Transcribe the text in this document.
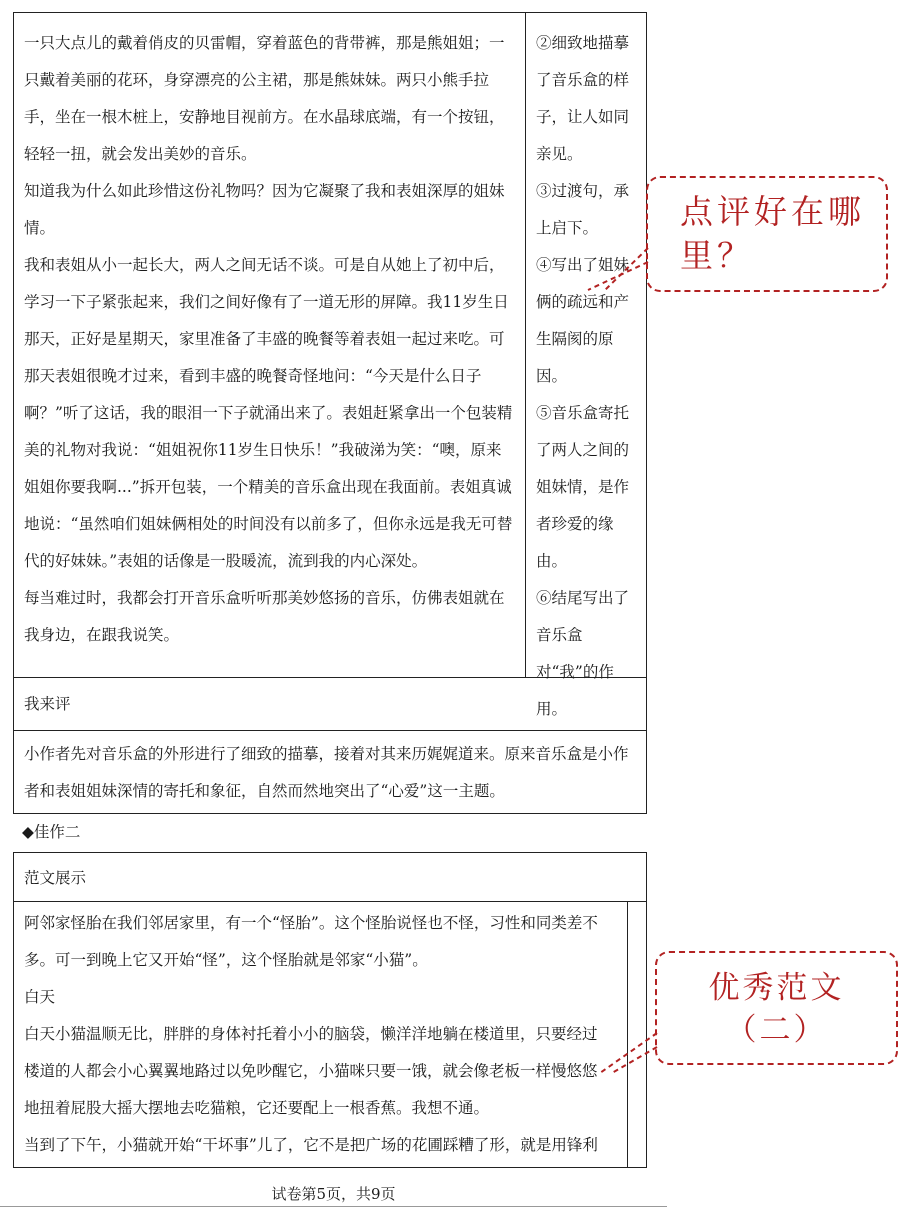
一只大点儿的戴着俏皮的贝雷帽，穿着蓝色的背带裤，那是熊姐姐；一只戴着美丽的花环，身穿漂亮的公主裙，那是熊妹妹。两只小熊手拉手，坐在一根木桩上，安静地目视前方。在水晶球底端，有一个按钮，轻轻一扭，就会发出美妙的音乐。

知道我为什么如此珍惜这份礼物吗？因为它凝聚了我和表姐深厚的姐妹情。

我和表姐从小一起长大，两人之间无话不谈。可是自从她上了初中后，学习一下子紧张起来，我们之间好像有了一道无形的屏障。我11岁生日那天，正好是星期天，家里准备了丰盛的晚餐等着表姐一起过来吃。可那天表姐很晚才过来，看到丰盛的晚餐奇怪地问：“今天是什么日子啊？”听了这话，我的眼泪一下子就涌出来了。表姐赶紧拿出一个包装精美的礼物对我说：“姐姐祝你11岁生日快乐！”我破涕为笑：“噢，原来姐姐你要我啊...”拆开包装，一个精美的音乐盒出现在我面前。表姐真诚地说：“虽然咱们姐妹俩相处的时间没有以前多了，但你永远是我无可替代的好妹妹。”表姐的话像是一股暖流，流到我的内心深处。

每当难过时，我都会打开音乐盒听听那美妙悠扬的音乐，仿佛表姐就在我身边，在跟我说笑。

②细致地描摹了音乐盒的样子，让人如同亲见。

③过渡句，承上启下。

④写出了姐妹俩的疏远和产生隔阂的原因。

⑤音乐盒寄托了两人之间的姐妹情，是作者珍爱的缘由。

⑥结尾写出了音乐盒对“我”的作用。

我来评

小作者先对音乐盒的外形进行了细致的描摹，接着对其来历娓娓道来。原来音乐盒是小作者和表姐姐妹深情的寄托和象征，自然而然地突出了“心爱”这一主题。

◆佳作二
范文展示

阿邻家怪胎在我们邻居家里，有一个“怪胎”。这个怪胎说怪也不怪，习性和同类差不多。可一到晚上它又开始“怪”，这个怪胎就是邻家“小猫”。

白天

白天小猫温顺无比，胖胖的身体衬托着小小的脑袋，懒洋洋地躺在楼道里，只要经过楼道的人都会小心翼翼地路过以免吵醒它，小猫咪只要一饿，就会像老板一样慢悠悠地扭着屁股大摇大摆地去吃猫粮，它还要配上一根香蕉。我想不通。

当到了下午，小猫就开始“干坏事”儿了，它不是把广场的花圃踩糟了形，就是用锋利

试卷第5页，共9页
点评好在哪里？
优秀范文
（二）
